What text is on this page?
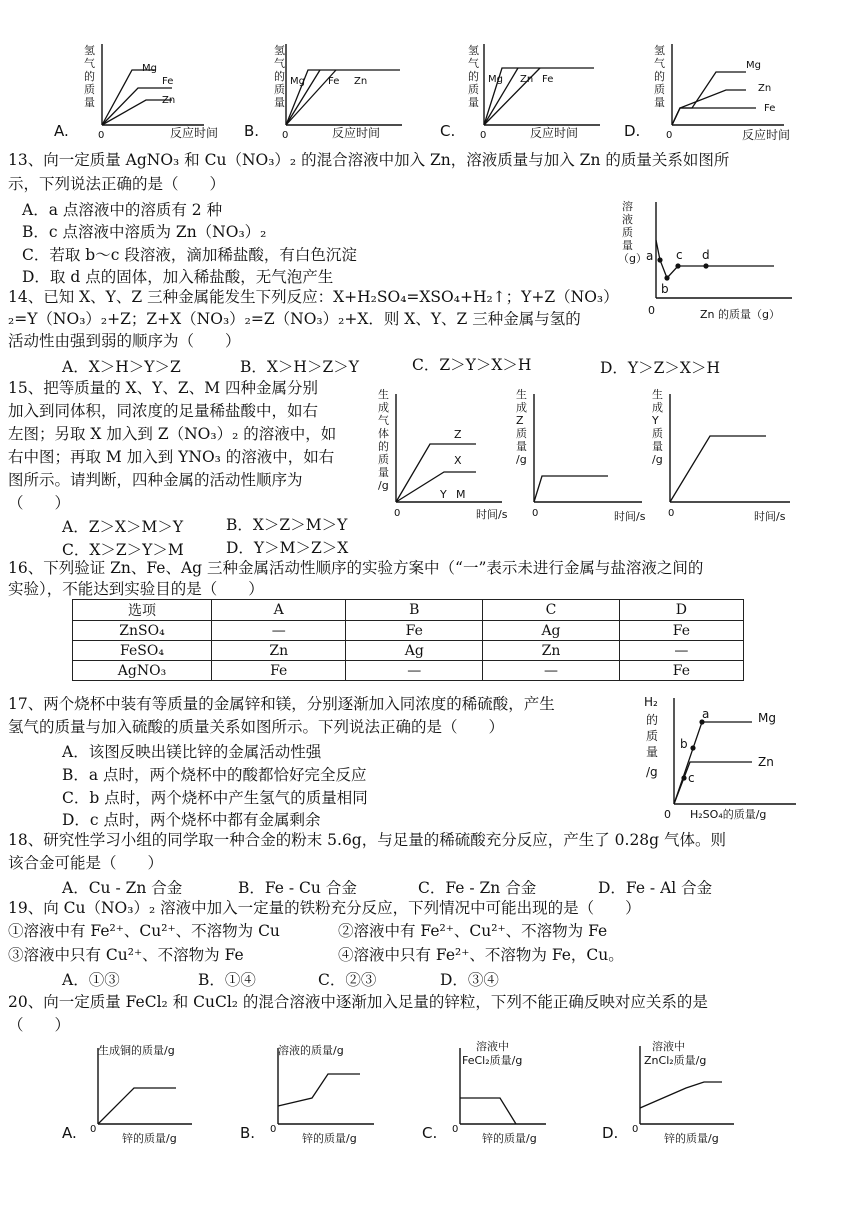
A.
氢
气
的
质
量
Mg
Fe
Zn
0	反应时间 B.
氢
气
的
质
量
Mg Fe Zn
0	反应时间	C.
氢
气
的
质
量
Mg Zn Fe
0	反应时间	D.
氢
气
的
质
量
Mg
Zn
Fe
0	反应时间
13、向一定质量 AgNO₃ 和 Cu（NO₃）₂ 的混合溶液中加入 Zn，溶液质量与加入 Zn 的质量关系如图所
示，下列说法正确的是（　　）
A．a 点溶液中的溶质有 2 种
B．c 点溶液中溶质为 Zn（NO₃）₂
C．若取 b～c 段溶液，滴加稀盐酸，有白色沉淀
D．取 d 点的固体，加入稀盐酸，无气泡产生
溶
液
质
量
（g） a
b
c d
0	Zn 的质量（g）
14、已知 X、Y、Z 三种金属能发生下列反应：X+H₂SO₄=XSO₄+H₂↑；Y+Z（NO₃）
₂=Y（NO₃）₂+Z；Z+X（NO₃）₂=Z（NO₃）₂+X．则 X、Y、Z 三种金属与氢的
活动性由强到弱的顺序为（　　）
A．X＞H＞Y＞Z	B．X＞H＞Z＞Y	C．Z＞Y＞X＞H	D．Y＞Z＞X＞H
15、把等质量的 X、Y、Z、M 四种金属分别
加入到同体积，同浓度的足量稀盐酸中，如右
左图；另取 X 加入到 Z（NO₃）₂ 的溶液中，如
右中图；再取 M 加入到 YNO₃ 的溶液中，如右
图所示。请判断，四种金属的活动性顺序为
（　　）
A．Z＞X＞M＞Y	B．X＞Z＞M＞Y
C．X＞Z＞Y＞M	D．Y＞M＞Z＞X
生
成
气
体
的
质
量
/g
Z
X
Y M
0	时间/s
生
成
Z
质
量
/g
0	时间/s
生
成
Y
质
量
/g
0	时间/s
16、下列验证 Zn、Fe、Ag 三种金属活动性顺序的实验方案中（“一”表示未进行金属与盐溶液之间的
实验），不能达到实验目的是（　　）
选项	A	B	C	D
ZnSO₄	—	Fe	Ag	Fe
FeSO₄	Zn	Ag	Zn	—
AgNO₃	Fe	—	—	Fe
17、两个烧杯中装有等质量的金属锌和镁，分别逐渐加入同浓度的稀硫酸，产生
氢气的质量与加入硫酸的质量关系如图所示。下列说法正确的是（　　）
A．该图反映出镁比锌的金属活动性强
B．a 点时，两个烧杯中的酸都恰好完全反应
C．b 点时，两个烧杯中产生氢气的质量相同
D．c 点时，两个烧杯中都有金属剩余
H₂
的
质
量
/g
a
b
c
Mg
Zn
0 H₂SO₄的质量/g
18、研究性学习小组的同学取一种合金的粉末 5.6g，与足量的稀硫酸充分反应，产生了 0.28g 气体。则
该合金可能是（　　）
A．Cu - Zn 合金	B．Fe - Cu 合金	C．Fe - Zn 合金	D．Fe - Al 合金
19、向 Cu（NO₃）₂ 溶液中加入一定量的铁粉充分反应，下列情况中可能出现的是（　　）
①溶液中有 Fe²⁺、Cu²⁺、不溶物为 Cu	②溶液中有 Fe²⁺、Cu²⁺、不溶物为 Fe
③溶液中只有 Cu²⁺、不溶物为 Fe	④溶液中只有 Fe²⁺、不溶物为 Fe，Cu。
A．①③	B．①④	C．②③	D．③④
20、向一定质量 FeCl₂ 和 CuCl₂ 的混合溶液中逐渐加入足量的锌粒，下列不能正确反映对应关系的是
（　　）
A.
生成铜的质量/g
0
锌的质量/g	B.
溶液的质量/g
0
锌的质量/g	C.
溶液中
FeCl₂质量/g
0
锌的质量/g	D.
溶液中
ZnCl₂质量/g
0
锌的质量/g
